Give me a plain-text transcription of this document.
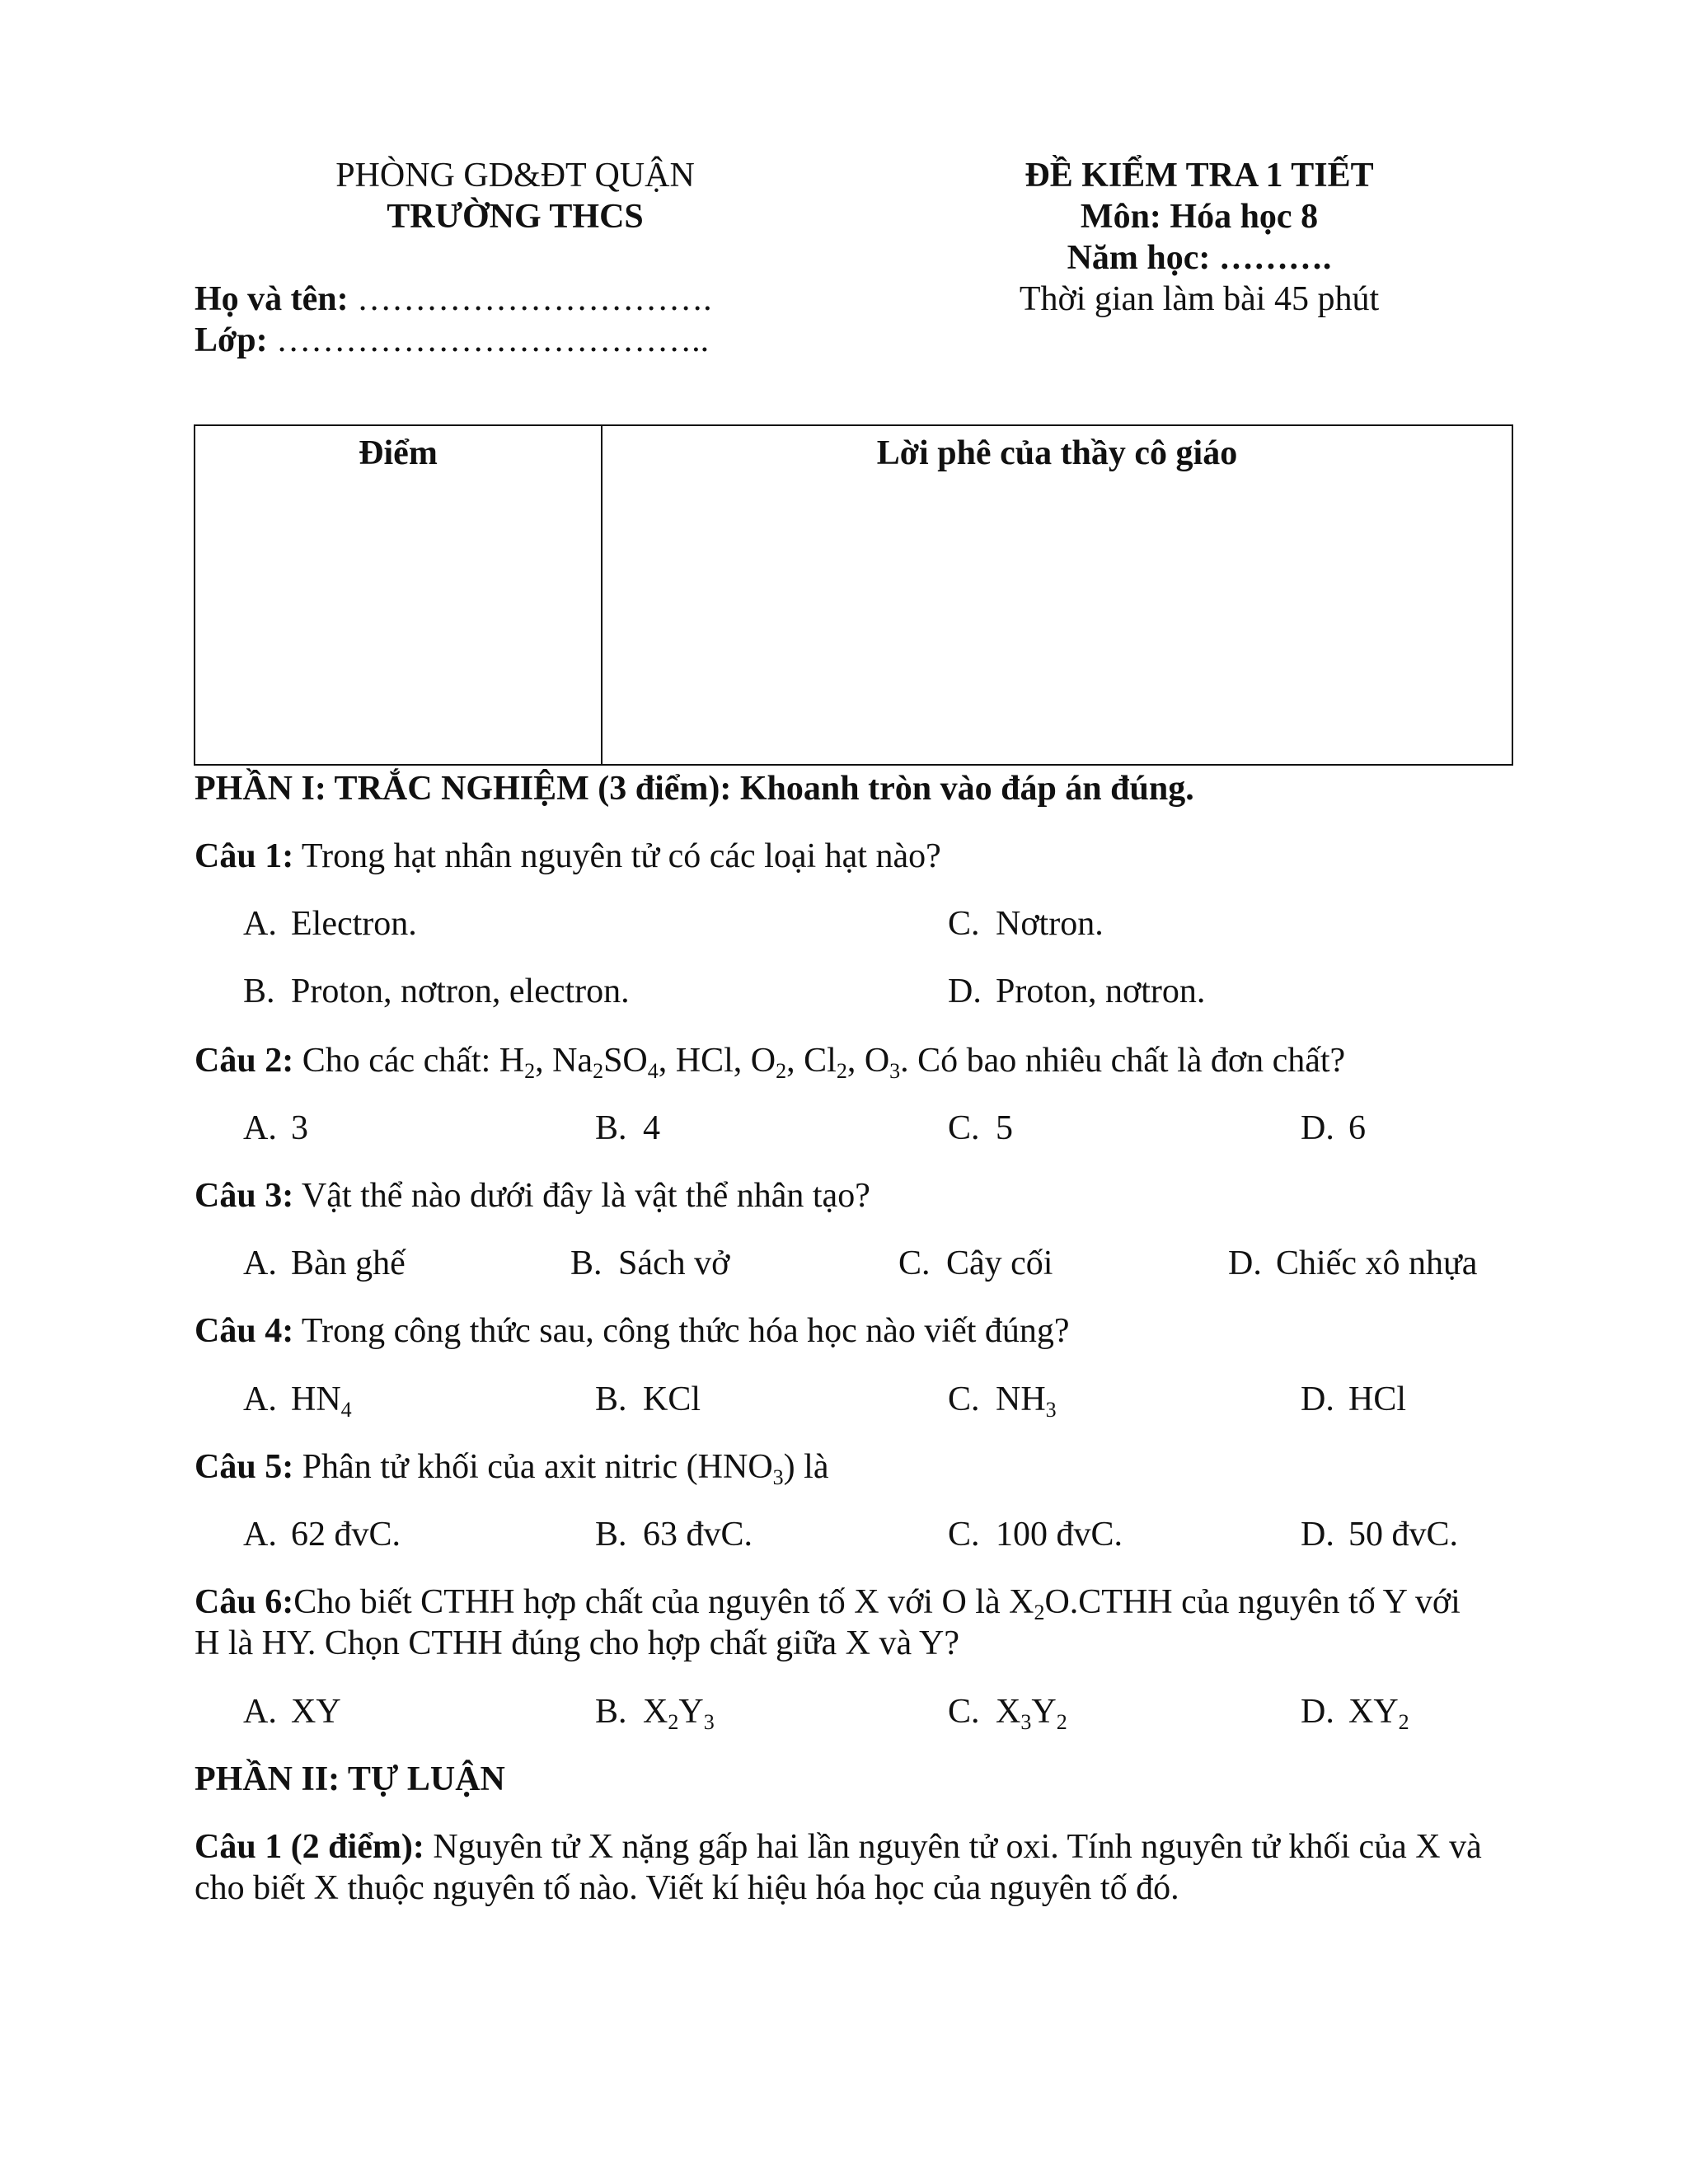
PHÒNG GD&ĐT QUẬN
TRƯỜNG THCS
ĐỀ KIỂM TRA 1 TIẾT
Môn: Hóa học 8
Năm học: ……….
Thời gian làm bài 45 phút
Họ và tên: ………………………….
Lớp: ………………………………..
Điểm	Lời phê của thầy cô giáo
PHẦN I: TRẮC NGHIỆM (3 điểm): Khoanh tròn vào đáp án đúng.
Câu 1: Trong hạt nhân nguyên tử có các loại hạt nào?
A. Electron.	C. Nơtron.
B. Proton, nơtron, electron.	D. Proton, nơtron.
Câu 2: Cho các chất: $H_2$, $Na_2SO_4$, HCl, $O_2$, $Cl_2$, $O_3$. Có bao nhiêu chất là đơn chất?
A. 3	B. 4	C. 5	D. 6
Câu 3: Vật thể nào dưới đây là vật thể nhân tạo?
A. Bàn ghế	B. Sách vở	C. Cây cối	D. Chiếc xô nhựa
Câu 4: Trong công thức sau, công thức hóa học nào viết đúng?
A. $HN_4$	B. KCl	C. $NH_3$	D. HCl
Câu 5: Phân tử khối của axit nitric $(HNO_3)$ là
A. 62 đvC.	B. 63 đvC.	C. 100 đvC.	D. 50 đvC.
Câu 6:Cho biết CTHH hợp chất của nguyên tố X với O là $X_2O.CTHH$ của nguyên tố Y với
H là HY. Chọn CTHH đúng cho hợp chất giữa X và Y?
A. XY	B. $X_2Y_3$	C. $X_3Y_2$	D. $XY_2$
PHẦN II: TỰ LUẬN
Câu 1 (2 điểm): Nguyên tử X nặng gấp hai lần nguyên tử oxi. Tính nguyên tử khối của X và
cho biết X thuộc nguyên tố nào. Viết kí hiệu hóa học của nguyên tố đó.
